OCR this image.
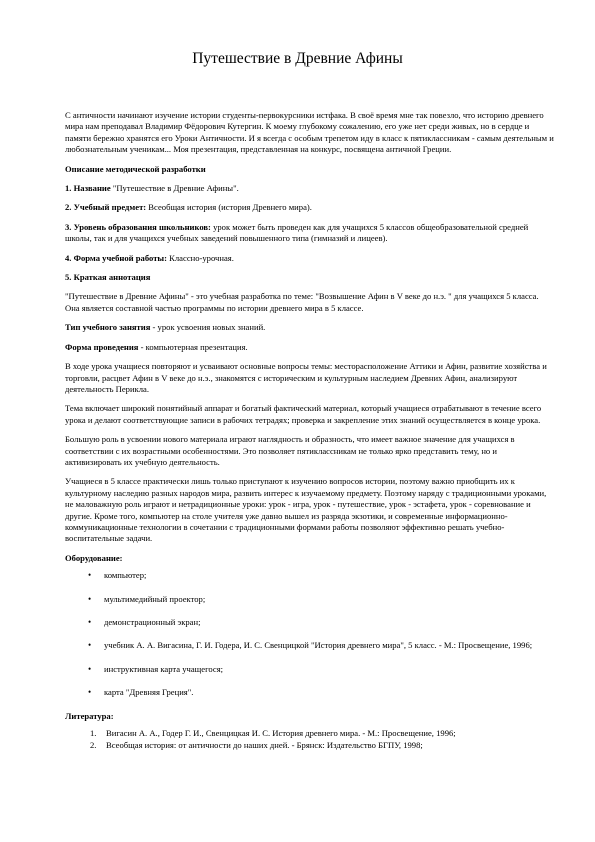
Путешествие в Древние Афины

С античности начинают изучение истории студенты-первокурсники истфака. В своё время мне так повезло, что историю древнего мира нам преподавал Владимир Фёдорович Кутергин. К моему глубокому сожалению, его уже нет среди живых, но в сердце и памяти бережно хранятся его Уроки Античности. И я всегда с особым трепетом иду в класс к пятиклассникам - самым деятельным и любознательным ученикам... Моя презентация, представленная на конкурс, посвящена античной Греции.

Описание методической разработки

1. Название "Путешествие в Древние Афины".

2. Учебный предмет: Всеобщая история (история Древнего мира).

3. Уровень образования школьников: урок может быть проведен как для учащихся 5 классов общеобразовательной средней школы, так и для учащихся учебных заведений повышенного типа (гимназий и лицеев).

4. Форма учебной работы: Классно-урочная.

5. Краткая аннотация

"Путешествие в Древние Афины" - это учебная разработка по теме: "Возвышение Афин в V веке до н.э. " для учащихся 5 класса. Она является составной частью программы по истории древнего мира в 5 классе.

Тип учебного занятия - урок усвоения новых знаний.

Форма проведения - компьютерная презентация.

В ходе урока учащиеся повторяют и усваивают основные вопросы темы: месторасположение Аттики и Афин, развитие хозяйства и торговли, расцвет Афин в V веке до н.э., знакомятся с историческим и культурным наследием Древних Афин, анализируют деятельность Перикла.

Тема включает широкий понятийный аппарат и богатый фактический материал, который учащиеся отрабатывают в течение всего урока и делают соответствующие записи в рабочих тетрадях; проверка и закрепление этих знаний осуществляется в конце урока.

Большую роль в усвоении нового материала играют наглядность и образность, что имеет важное значение для учащихся в соответствии с их возрастными особенностями. Это позволяет пятиклассникам не только ярко представить тему, но и активизировать их учебную деятельность.

Учащиеся в 5 классе практически лишь только приступают к изучению вопросов истории, поэтому важно приобщить их к культурному наследию разных народов мира, развить интерес к изучаемому предмету. Поэтому наряду с традиционными уроками, не маловажную роль играют и нетрадиционные уроки: урок - игра, урок - путешествие, урок - эстафета, урок - соревнование и другие. Кроме того, компьютер на столе учителя уже давно вышел из разряда экзотики, и современные информационно-коммуникационные технологии в сочетании с традиционными формами работы позволяют эффективно решать учебно-воспитательные задачи.

Оборудование:

• компьютер;
• мультимедийный проектор;
• демонстрационный экран;
• учебник А. А. Вигасина, Г. И. Годера, И. С. Свенцицкой "История древнего мира", 5 класс. - М.: Просвещение, 1996;
• инструктивная карта учащегося;
• карта "Древняя Греция".

Литература:

1. Вигасин А. А., Годер Г. И., Свенцицкая И. С. История древнего мира. - М.: Просвещение, 1996;
2. Всеобщая история: от античности до наших дней. - Брянск: Издательство БГПУ, 1998;
